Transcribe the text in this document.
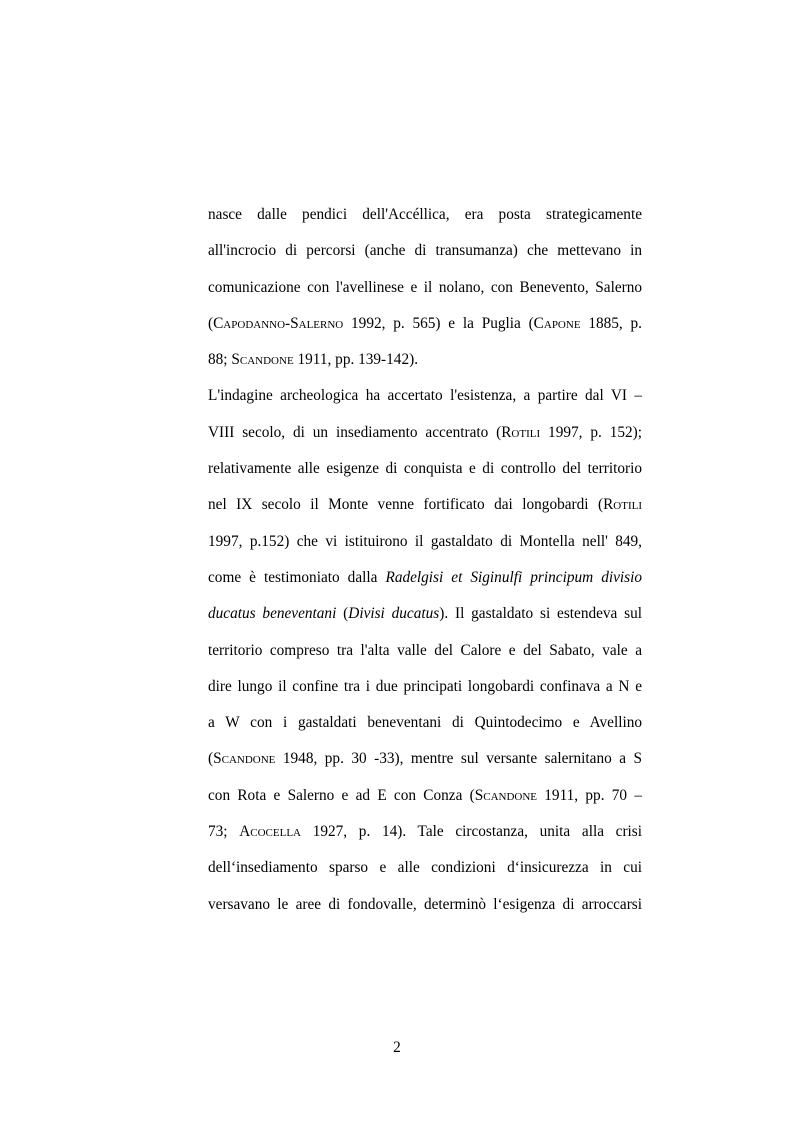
nasce dalle pendici dell'Accéllica, era posta strategicamente
all'incrocio di percorsi (anche di transumanza) che mettevano in
comunicazione con l'avellinese e il nolano, con Benevento, Salerno
(Capodanno-Salerno 1992, p. 565) e la Puglia (Capone 1885, p.
88; Scandone 1911, pp. 139-142).
L'indagine archeologica ha accertato l'esistenza, a partire dal VI –
VIII secolo, di un insediamento accentrato (Rotili 1997, p. 152);
relativamente alle esigenze di conquista e di controllo del territorio
nel IX secolo il Monte venne fortificato dai longobardi (Rotili
1997, p.152) che vi istituirono il gastaldato di Montella nell' 849,
come è testimoniato dalla Radelgisi et Siginulfi principum divisio
ducatus beneventani (Divisi ducatus). Il gastaldato si estendeva sul
territorio compreso tra l'alta valle del Calore e del Sabato, vale a
dire lungo il confine tra i due principati longobardi confinava a N e
a W con i gastaldati beneventani di Quintodecimo e Avellino
(Scandone 1948, pp. 30 -33), mentre sul versante salernitano a S
con Rota e Salerno e ad E con Conza (Scandone 1911, pp. 70 –
73; Acocella 1927, p. 14). Tale circostanza, unita alla crisi
dell‘insediamento sparso e alle condizioni d‘insicurezza in cui
versavano le aree di fondovalle, determinò l‘esigenza di arroccarsi
2
